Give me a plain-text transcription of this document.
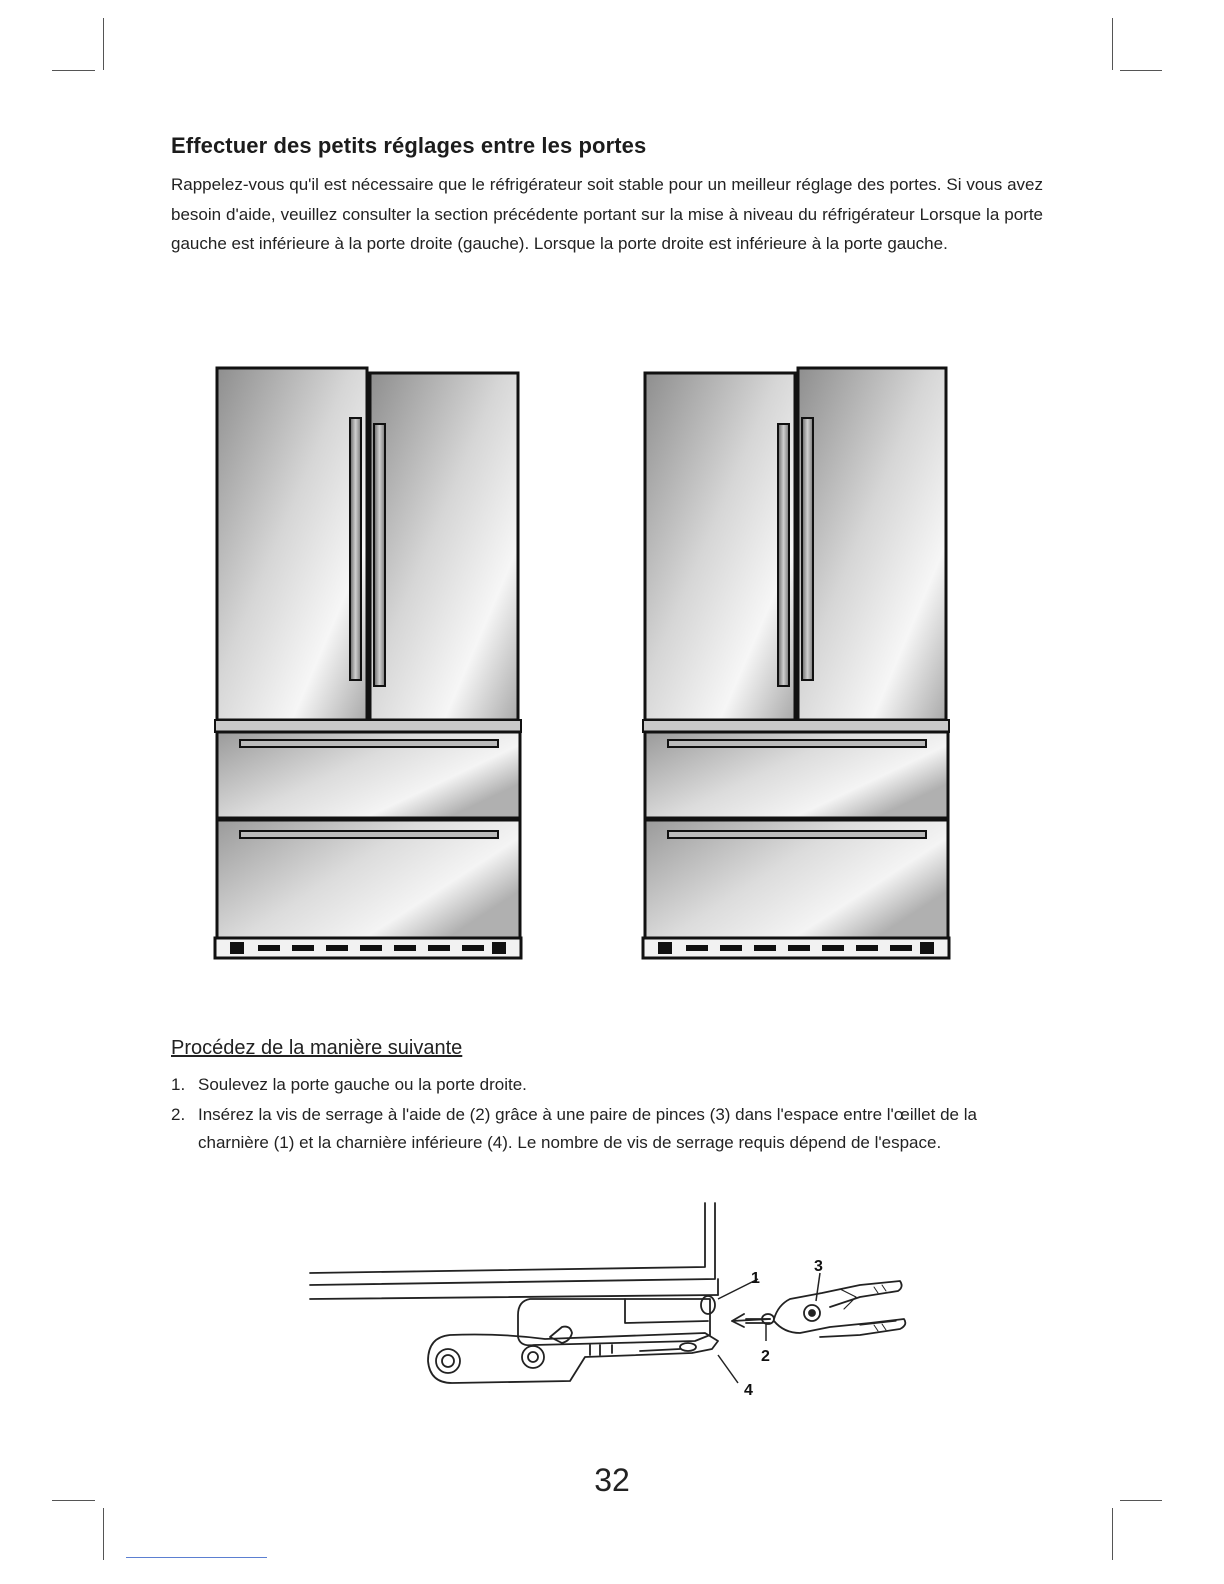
Effectuer des petits réglages entre les portes

Rappelez-vous qu'il est nécessaire que le réfrigérateur soit stable pour un meilleur réglage des portes. Si vous avez besoin d'aide, veuillez consulter la section précédente portant sur la mise à niveau du réfrigérateur Lorsque la porte gauche est inférieure à la porte droite (gauche). Lorsque la porte droite est inférieure à la porte gauche.

Procédez de la manière suivante
1. Soulevez la porte gauche ou la porte droite.
2. Insérez la vis de serrage à l'aide de (2) grâce à une paire de pinces (3) dans l'espace entre l'œillet de la charnière (1) et la charnière inférieure (4). Le nombre de vis de serrage requis dépend de l'espace.
1
2
3
4
32
